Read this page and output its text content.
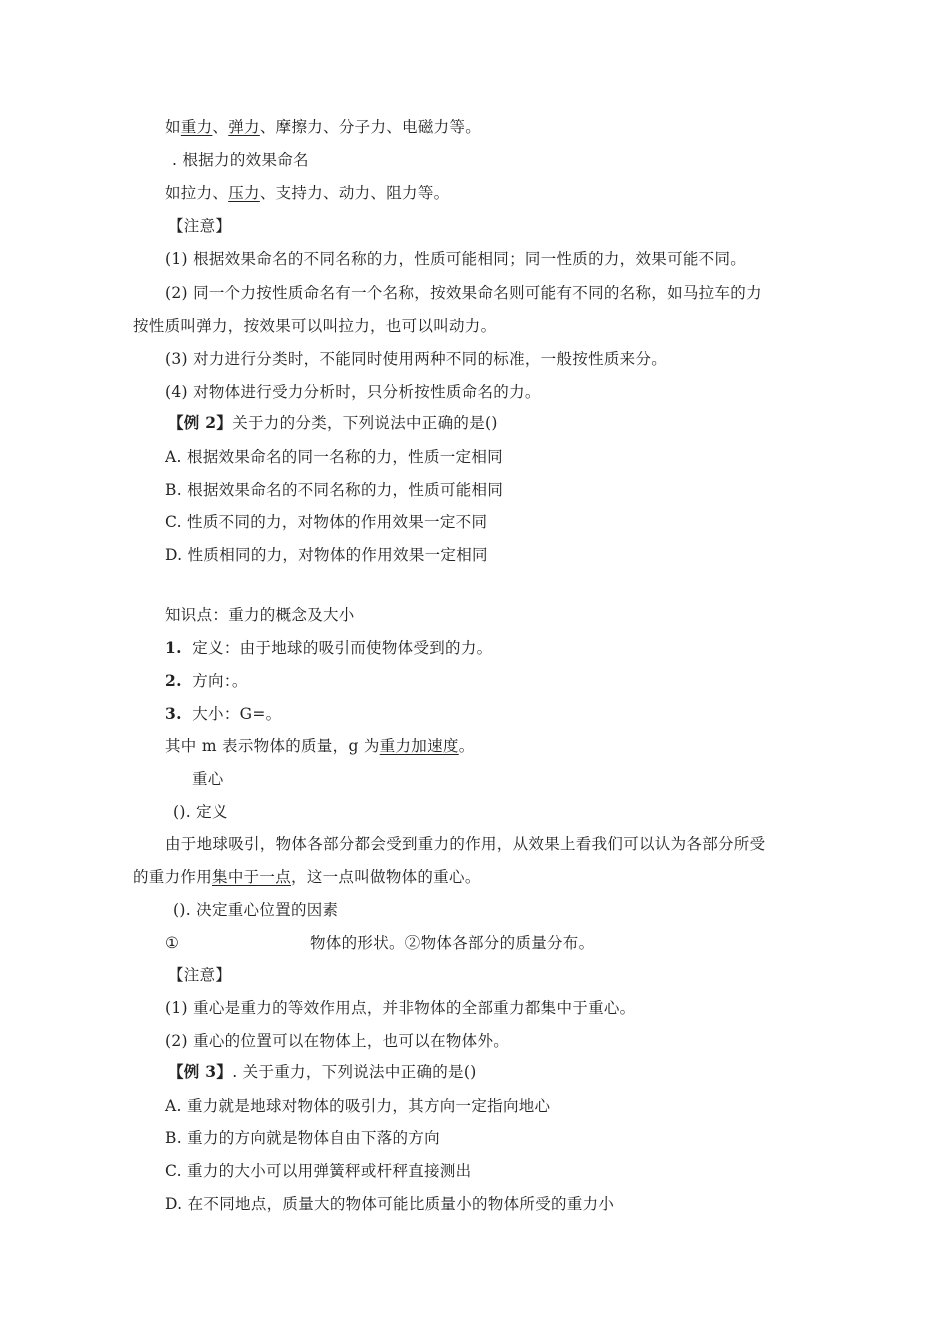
如重力、弹力、摩擦力、分子力、电磁力等。
. 根据力的效果命名
如拉力、压力、支持力、动力、阻力等。
【注意】
(1) 根据效果命名的不同名称的力，性质可能相同；同一性质的力，效果可能不同。
(2) 同一个力按性质命名有一个名称，按效果命名则可能有不同的名称，如马拉车的力
按性质叫弹力，按效果可以叫拉力，也可以叫动力。
(3) 对力进行分类时，不能同时使用两种不同的标准，一般按性质来分。
(4) 对物体进行受力分析时，只分析按性质命名的力。
【例 2】关于力的分类，下列说法中正确的是()
A. 根据效果命名的同一名称的力，性质一定相同
B. 根据效果命名的不同名称的力，性质可能相同
C. 性质不同的力，对物体的作用效果一定不同
D. 性质相同的力，对物体的作用效果一定相同
知识点：重力的概念及大小
1. 定义：由于地球的吸引而使物体受到的力。
2. 方向：。
3. 大小：G=。
其中 m 表示物体的质量，g 为重力加速度。
重心
(). 定义
由于地球吸引，物体各部分都会受到重力的作用，从效果上看我们可以认为各部分所受
的重力作用集中于一点，这一点叫做物体的重心。
(). 决定重心位置的因素
①	物体的形状。②物体各部分的质量分布。
【注意】
(1) 重心是重力的等效作用点，并非物体的全部重力都集中于重心。
(2) 重心的位置可以在物体上，也可以在物体外。
【例 3】. 关于重力，下列说法中正确的是()
A. 重力就是地球对物体的吸引力，其方向一定指向地心
B. 重力的方向就是物体自由下落的方向
C. 重力的大小可以用弹簧秤或杆秤直接测出
D. 在不同地点，质量大的物体可能比质量小的物体所受的重力小
